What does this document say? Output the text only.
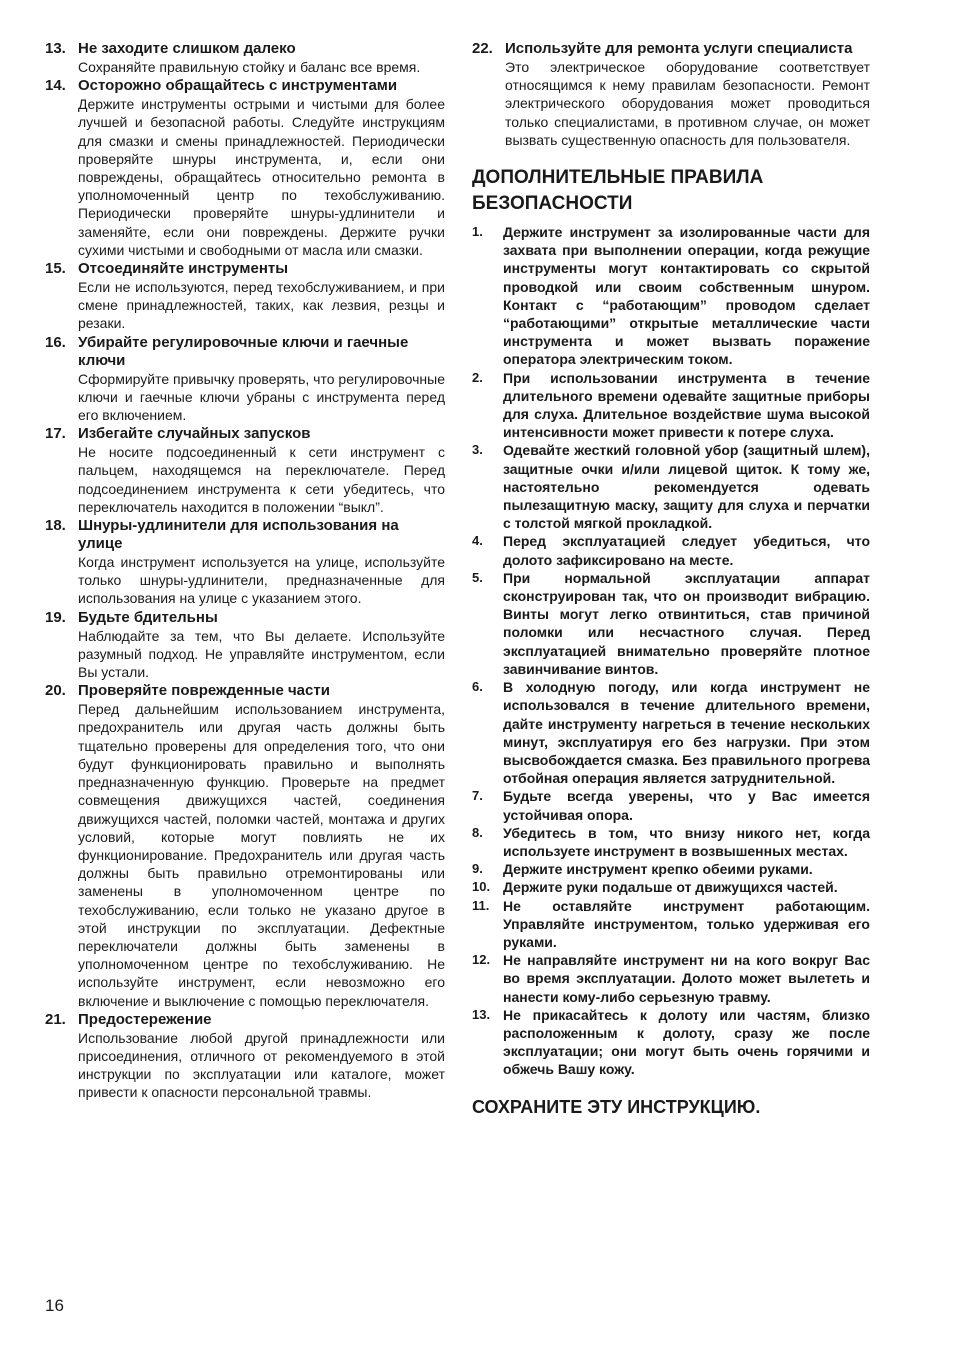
13. Не заходите слишком далеко
Сохраняйте правильную стойку и баланс все время.
14. Осторожно обращайтесь с инструментами
Держите инструменты острыми и чистыми для более лучшей и безопасной работы. Следуйте инструкциям для смазки и смены принадлежностей. Периодически проверяйте шнуры инструмента, и, если они повреждены, обращайтесь относительно ремонта в уполномоченный центр по техобслуживанию. Периодически проверяйте шнуры-удлинители и заменяйте, если они повреждены. Держите ручки сухими чистыми и свободными от масла или смазки.
15. Отсоединяйте инструменты
Если не используются, перед техобслуживанием, и при смене принадлежностей, таких, как лезвия, резцы и резаки.
16. Убирайте регулировочные ключи и гаечные ключи
Сформируйте привычку проверять, что регулировочные ключи и гаечные ключи убраны с инструмента перед его включением.
17. Избегайте случайных запусков
Не носите подсоединенный к сети инструмент с пальцем, находящемся на переключателе. Перед подсоединением инструмента к сети убедитесь, что переключатель находится в положении “выкл”.
18. Шнуры-удлинители для использования на улице
Когда инструмент используется на улице, используйте только шнуры-удлинители, предназначенные для использования на улице с указанием этого.
19. Будьте бдительны
Наблюдайте за тем, что Вы делаете. Используйте разумный подход. Не управляйте инструментом, если Вы устали.
20. Проверяйте поврежденные части
Перед дальнейшим использованием инструмента, предохранитель или другая часть должны быть тщательно проверены для определения того, что они будут функционировать правильно и выполнять предназначенную функцию. Проверьте на предмет совмещения движущихся частей, соединения движущихся частей, поломки частей, монтажа и других условий, которые могут повлиять не их функционирование. Предохранитель или другая часть должны быть правильно отремонтированы или заменены в уполномоченном центре по техобслуживанию, если только не указано другое в этой инструкции по эксплуатации. Дефектные переключатели должны быть заменены в уполномоченном центре по техобслуживанию. Не используйте инструмент, если невозможно его включение и выключение с помощью переключателя.
21. Предостережение
Использование любой другой принадлежности или присоединения, отличного от рекомендуемого в этой инструкции по эксплуатации или каталоге, может привести к опасности персональной травмы.
22. Используйте для ремонта услуги специалиста
Это электрическое оборудование соответствует относящимся к нему правилам безопасности. Ремонт электрического оборудования может проводиться только специалистами, в противном случае, он может вызвать существенную опасность для пользователя.
ДОПОЛНИТЕЛЬНЫЕ ПРАВИЛА БЕЗОПАСНОСТИ
1. Держите инструмент за изолированные части для захвата при выполнении операции, когда режущие инструменты могут контактировать со скрытой проводкой или своим собственным шнуром. Контакт с “работающим” проводом сделает “работающими” открытые металлические части инструмента и может вызвать поражение оператора электрическим током.
2. При использовании инструмента в течение длительного времени одевайте защитные приборы для слуха. Длительное воздействие шума высокой интенсивности может привести к потере слуха.
3. Одевайте жесткий головной убор (защитный шлем), защитные очки и/или лицевой щиток. К тому же, настоятельно рекомендуется одевать пылезащитную маску, защиту для слуха и перчатки с толстой мягкой прокладкой.
4. Перед эксплуатацией следует убедиться, что долото зафиксировано на месте.
5. При нормальной эксплуатации аппарат сконструирован так, что он производит вибрацию. Винты могут легко отвинтиться, став причиной поломки или несчастного случая. Перед эксплуатацией внимательно проверяйте плотное завинчивание винтов.
6. В холодную погоду, или когда инструмент не использовался в течение длительного времени, дайте инструменту нагреться в течение нескольких минут, эксплуатируя его без нагрузки. При этом высвобождается смазка. Без правильного прогрева отбойная операция является затруднительной.
7. Будьте всегда уверены, что у Вас имеется устойчивая опора.
8. Убедитесь в том, что внизу никого нет, когда используете инструмент в возвышенных местах.
9. Держите инструмент крепко обеими руками.
10. Держите руки подальше от движущихся частей.
11. Не оставляйте инструмент работающим. Управляйте инструментом, только удерживая его руками.
12. Не направляйте инструмент ни на кого вокруг Вас во время эксплуатации. Долото может вылететь и нанести кому-либо серьезную травму.
13. Не прикасайтесь к долоту или частям, близко расположенным к долоту, сразу же после эксплуатации; они могут быть очень горячими и обжечь Вашу кожу.
СОХРАНИТЕ ЭТУ ИНСТРУКЦИЮ.
16
